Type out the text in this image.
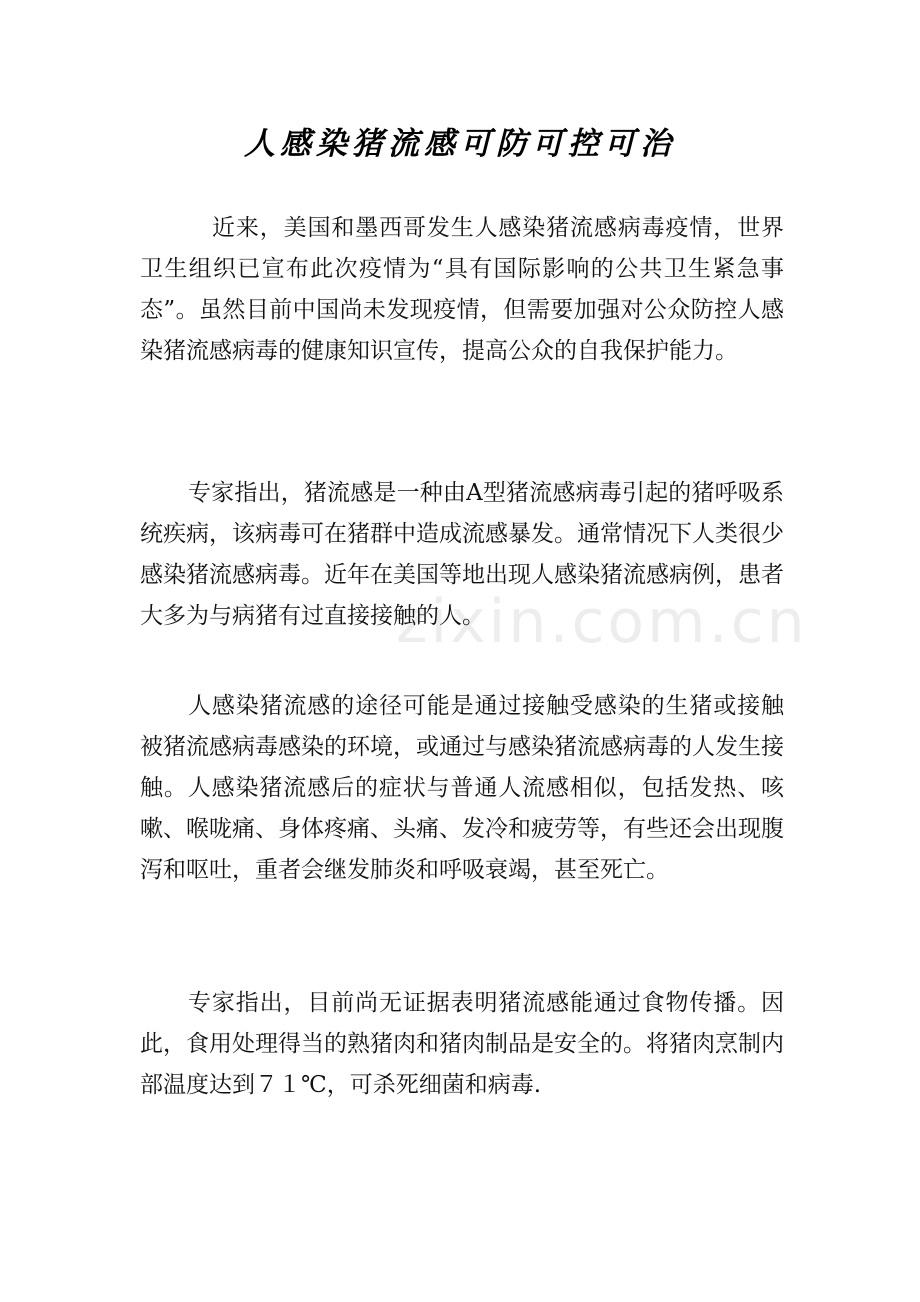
人感染猪流感可防可控可治

近来，美国和墨西哥发生人感染猪流感病毒疫情，世界卫生组织已宣布此次疫情为“具有国际影响的公共卫生紧急事态”。虽然目前中国尚未发现疫情，但需要加强对公众防控人感染猪流感病毒的健康知识宣传，提高公众的自我保护能力。

专家指出，猪流感是一种由A型猪流感病毒引起的猪呼吸系统疾病，该病毒可在猪群中造成流感暴发。通常情况下人类很少感染猪流感病毒。近年在美国等地出现人感染猪流感病例，患者大多为与病猪有过直接接触的人。

人感染猪流感的途径可能是通过接触受感染的生猪或接触被猪流感病毒感染的环境，或通过与感染猪流感病毒的人发生接触。人感染猪流感后的症状与普通人流感相似，包括发热、咳嗽、喉咙痛、身体疼痛、头痛、发冷和疲劳等，有些还会出现腹泻和呕吐，重者会继发肺炎和呼吸衰竭，甚至死亡。

专家指出，目前尚无证据表明猪流感能通过食物传播。因此，食用处理得当的熟猪肉和猪肉制品是安全的。将猪肉烹制内部温度达到７１℃，可杀死细菌和病毒.

zixin.com.cn
